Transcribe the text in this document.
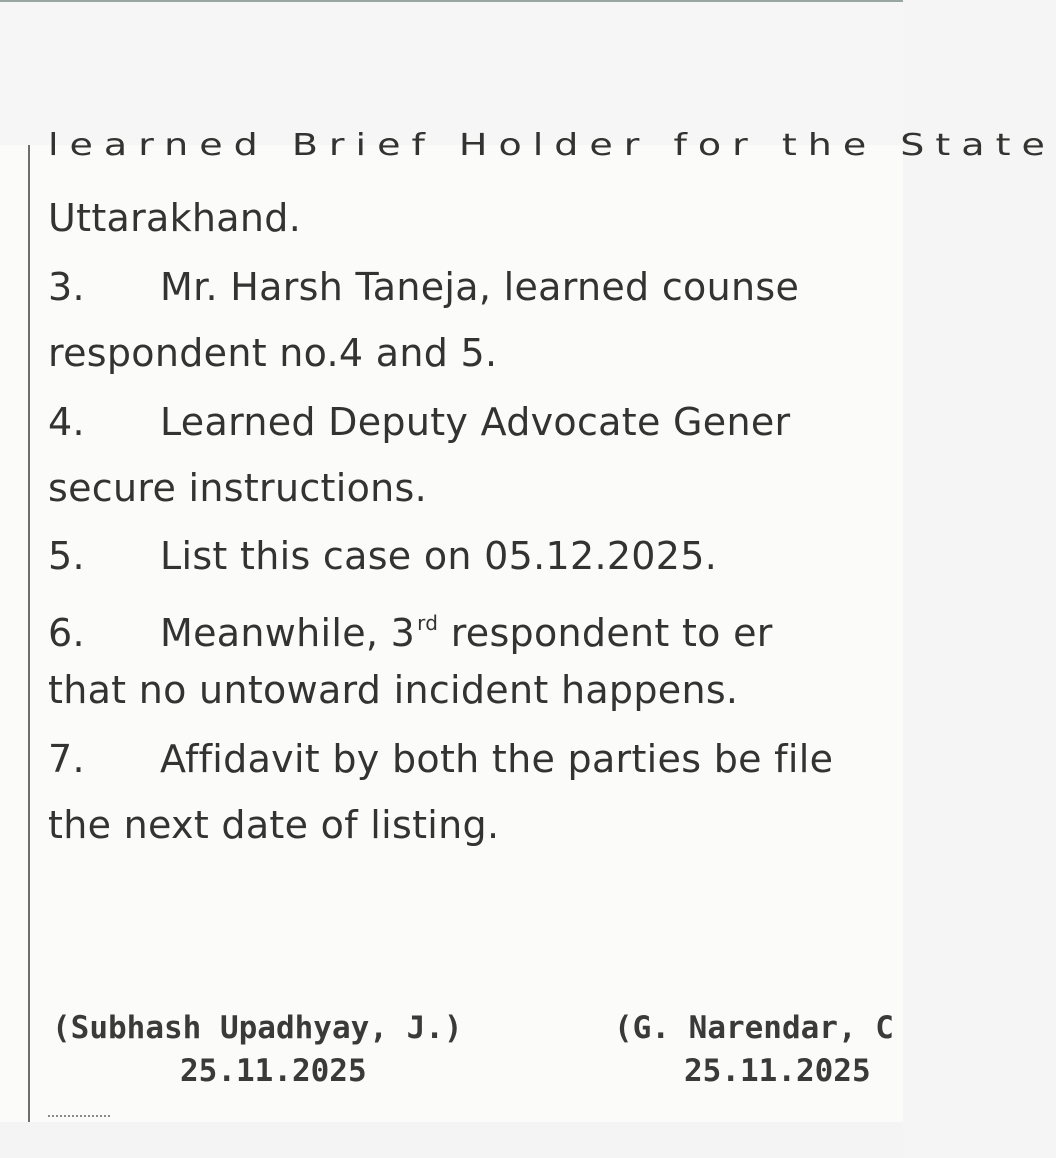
learned Brief Holder for the State
Uttarakhand.
3. Mr. Harsh Taneja, learned counse
respondent no.4 and 5.
4. Learned Deputy Advocate Gener
secure instructions.
5. List this case on 05.12.2025.
6. Meanwhile, 3 $^{rd}$ respondent to er
that no untoward incident happens.
7. Affidavit by both the parties be file
the next date of listing.
(Subhash Upadhyay, J.)
25.11.2025
(G. Narendar, C
25.11.2025
